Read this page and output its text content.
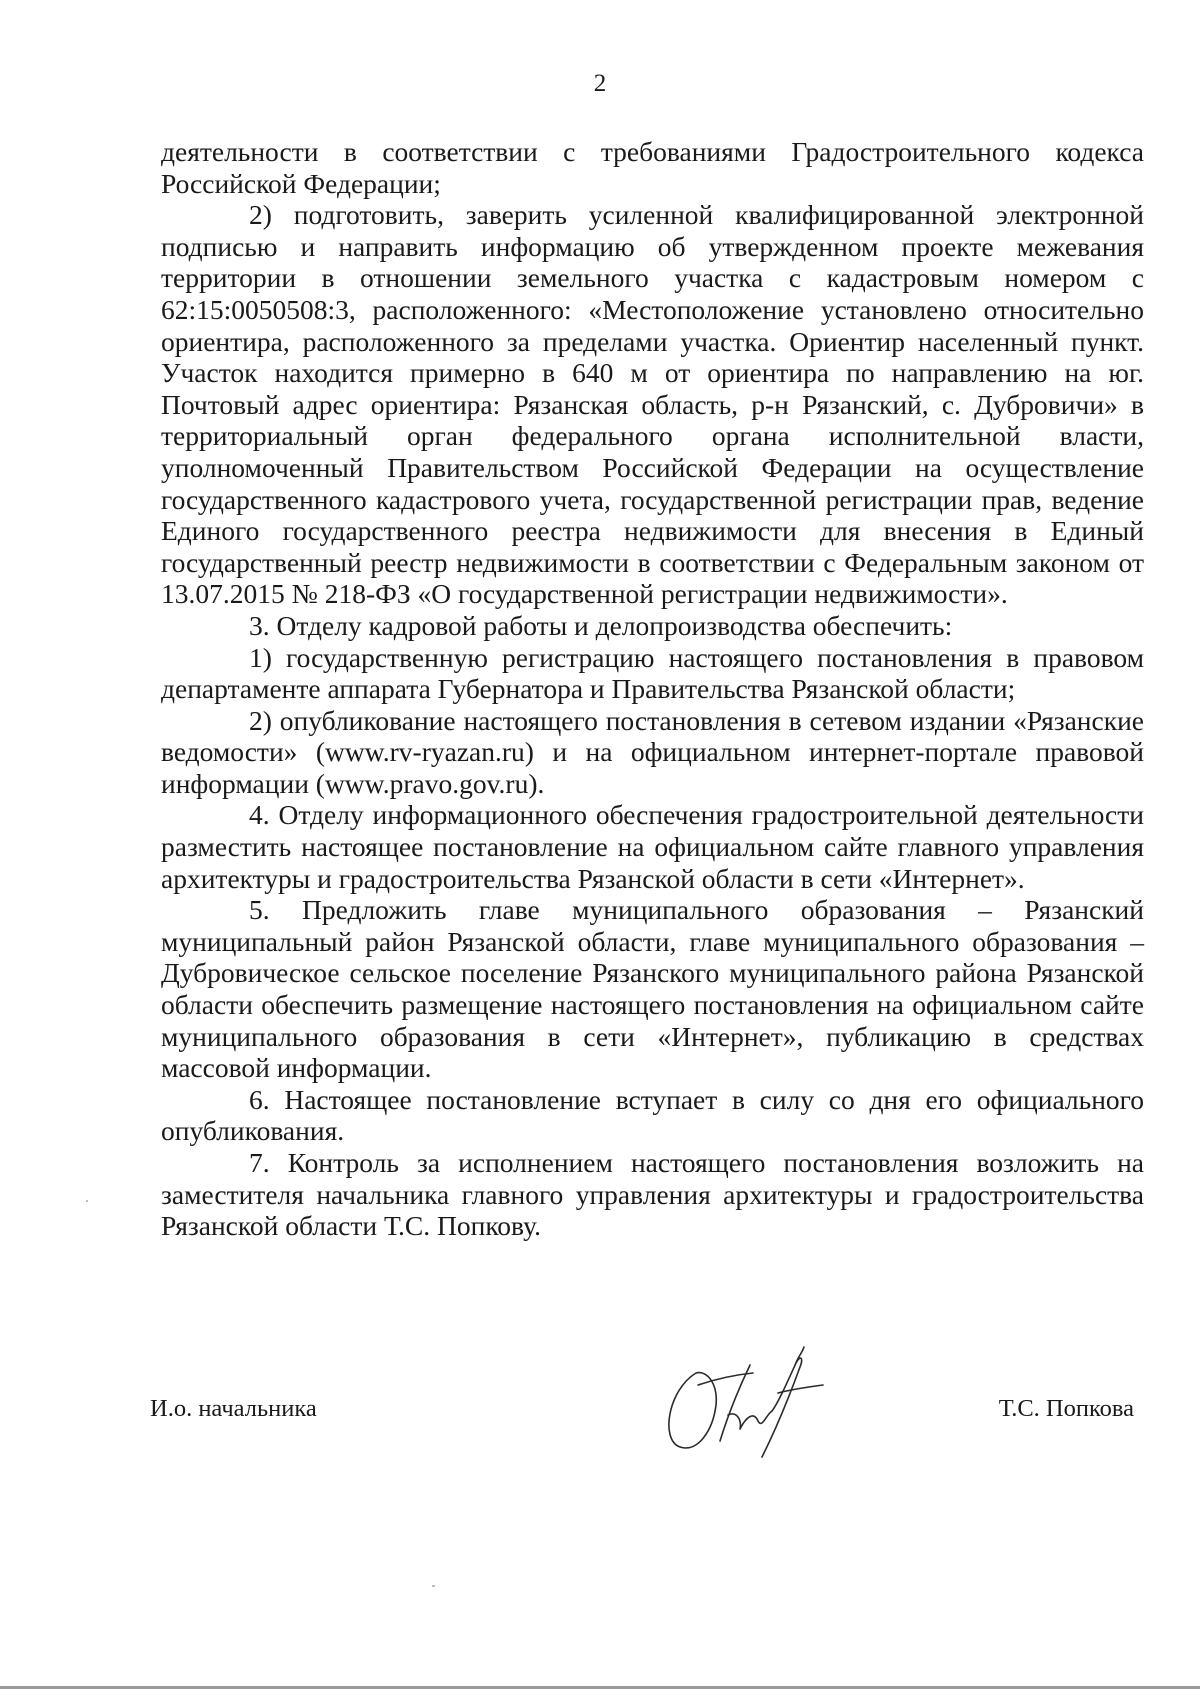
2

деятельности в соответствии с требованиями Градостроительного кодекса Российской Федерации;

2) подготовить, заверить усиленной квалифицированной электронной подписью и направить информацию об утвержденном проекте межевания территории в отношении земельного участка с кадастровым номером с 62:15:0050508:3, расположенного: «Местоположение установлено относительно ориентира, расположенного за пределами участка. Ориентир населенный пункт. Участок находится примерно в 640 м от ориентира по направлению на юг. Почтовый адрес ориентира: Рязанская область, р-н Рязанский, с. Дубровичи» в территориальный орган федерального органа исполнительной власти, уполномоченный Правительством Российской Федерации на осуществление государственного кадастрового учета, государственной регистрации прав, ведение Единого государственного реестра недвижимости для внесения в Единый государственный реестр недвижимости в соответствии с Федеральным законом от 13.07.2015 № 218-ФЗ «О государственной регистрации недвижимости».

3. Отделу кадровой работы и делопроизводства обеспечить:

1) государственную регистрацию настоящего постановления в правовом департаменте аппарата Губернатора и Правительства Рязанской области;

2) опубликование настоящего постановления в сетевом издании «Рязанские ведомости» (www.rv-ryazan.ru) и на официальном интернет-портале правовой информации (www.pravo.gov.ru).

4. Отделу информационного обеспечения градостроительной деятельности разместить настоящее постановление на официальном сайте главного управления архитектуры и градостроительства Рязанской области в сети «Интернет».

5. Предложить главе муниципального образования – Рязанский муниципальный район Рязанской области, главе муниципального образования – Дубровическое сельское поселение Рязанского муниципального района Рязанской области обеспечить размещение настоящего постановления на официальном сайте муниципального образования в сети «Интернет», публикацию в средствах массовой информации.

6. Настоящее постановление вступает в силу со дня его официального опубликования.

7. Контроль за исполнением настоящего постановления возложить на заместителя начальника главного управления архитектуры и градостроительства Рязанской области Т.С. Попкову.

И.о. начальника	Т.С. Попкова
